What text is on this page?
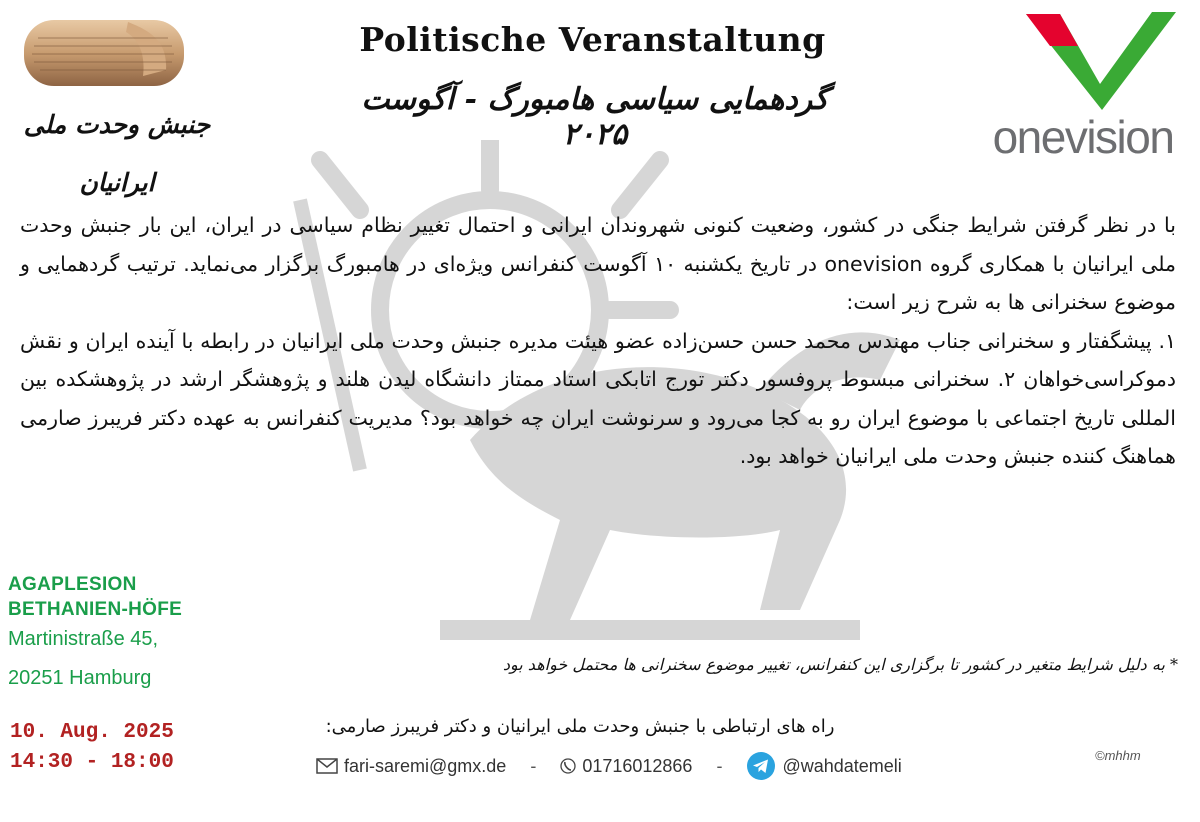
جنبش وحدت ملی ایرانیان
Politische Veranstaltung
گردهمایی سیاسی هامبورگ - آگوست ۲۰۲۵	onevision

با در نظر گرفتن شرایط جنگی در کشور، وضعیت کنونی شهروندان ایرانی و احتمال تغییر نظام سیاسی در ایران، این بار جنبش وحدت ملی ایرانیان با همکاری گروه onevision در تاریخ یکشنبه ۱۰ آگوست کنفرانس ویژه‌ای در هامبورگ برگزار می‌نماید. ترتیب گردهمایی و موضوع سخنرانی ها به شرح زیر است:

۱. پیشگفتار و سخنرانی جناب مهندس محمد حسن حسن‌زاده عضو هیئت مدیره جنبش وحدت ملی ایرانیان در رابطه با آینده ایران و نقش دموکراسی‌خواهان ۲. سخنرانی مبسوط پروفسور دکتر تورج اتابکی استاد ممتاز دانشگاه لیدن هلند و پژوهشگر ارشد در پژوهشکده بین المللی تاریخ اجتماعی با موضوع ایران رو به کجا می‌رود و سرنوشت ایران چه خواهد بود؟ مدیریت کنفرانس به عهده دکتر فریبرز صارمی هماهنگ کننده جنبش وحدت ملی ایرانیان خواهد بود.

AGAPLESION
BETHANIEN-HÖFE
Martinistraße 45,
20251 Hamburg
* به دلیل شرایط متغیر در کشور تا برگزاری این کنفرانس، تغییر موضوع سخنرانی ها محتمل خواهد بود
10. Aug. 2025
14:30 - 18:00
راه های ارتباطی با جنبش وحدت ملی ایرانیان و دکتر فریبرز صارمی:
fari-saremi@gmx.de	-	01716012866	-	@wahdatemeli	©mhhm
